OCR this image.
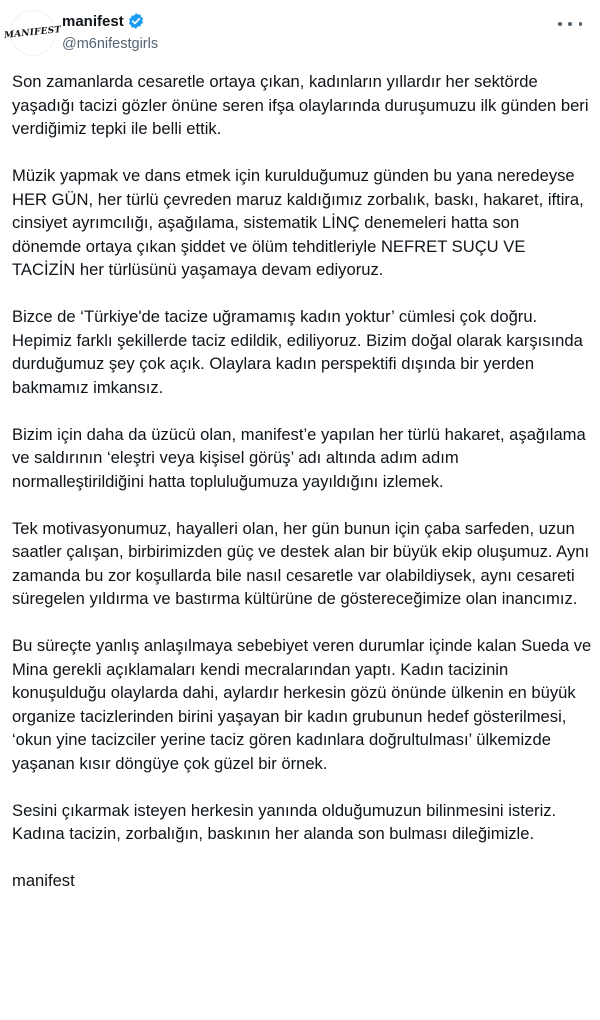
MANIFEST
manifest
@m6nifestgirls

Son zamanlarda cesaretle ortaya çıkan, kadınların yıllardır her sektörde yaşadığı tacizi gözler önüne seren ifşa olaylarında duruşumuzu ilk günden beri verdiğimiz tepki ile belli ettik.

Müzik yapmak ve dans etmek için kurulduğumuz günden bu yana neredeyse HER GÜN, her türlü çevreden maruz kaldığımız zorbalık, baskı, hakaret, iftira, cinsiyet ayrımcılığı, aşağılama, sistematik LİNÇ denemeleri hatta son dönemde ortaya çıkan şiddet ve ölüm tehditleriyle NEFRET SUÇU VE TACİZİN her türlüsünü yaşamaya devam ediyoruz.

Bizce de ‘Türkiye'de tacize uğramamış kadın yoktur’ cümlesi çok doğru. Hepimiz farklı şekillerde taciz edildik, ediliyoruz. Bizim doğal olarak karşısında durduğumuz şey çok açık. Olaylara kadın perspektifi dışında bir yerden bakmamız imkansız.

Bizim için daha da üzücü olan, manifest’e yapılan her türlü hakaret, aşağılama ve saldırının ‘eleştri veya kişisel görüş’ adı altında adım adım normalleştirildiğini hatta topluluğumuza yayıldığını izlemek.

Tek motivasyonumuz, hayalleri olan, her gün bunun için çaba sarfeden, uzun saatler çalışan, birbirimizden güç ve destek alan bir büyük ekip oluşumuz. Aynı zamanda bu zor koşullarda bile nasıl cesaretle var olabildiysek, aynı cesareti süregelen yıldırma ve bastırma kültürüne de göstereceğimize olan inancımız.

Bu süreçte yanlış anlaşılmaya sebebiyet veren durumlar içinde kalan Sueda ve Mina gerekli açıklamaları kendi mecralarından yaptı. Kadın tacizinin konuşulduğu olaylarda dahi, aylardır herkesin gözü önünde ülkenin en büyük organize tacizlerinden birini yaşayan bir kadın grubunun hedef gösterilmesi, ‘okun yine tacizciler yerine taciz gören kadınlara doğrultulması’ ülkemizde yaşanan kısır döngüye çok güzel bir örnek.

Sesini çıkarmak isteyen herkesin yanında olduğumuzun bilinmesini isteriz.

Kadına tacizin, zorbalığın, baskının her alanda son bulması dileğimizle.

manifest
